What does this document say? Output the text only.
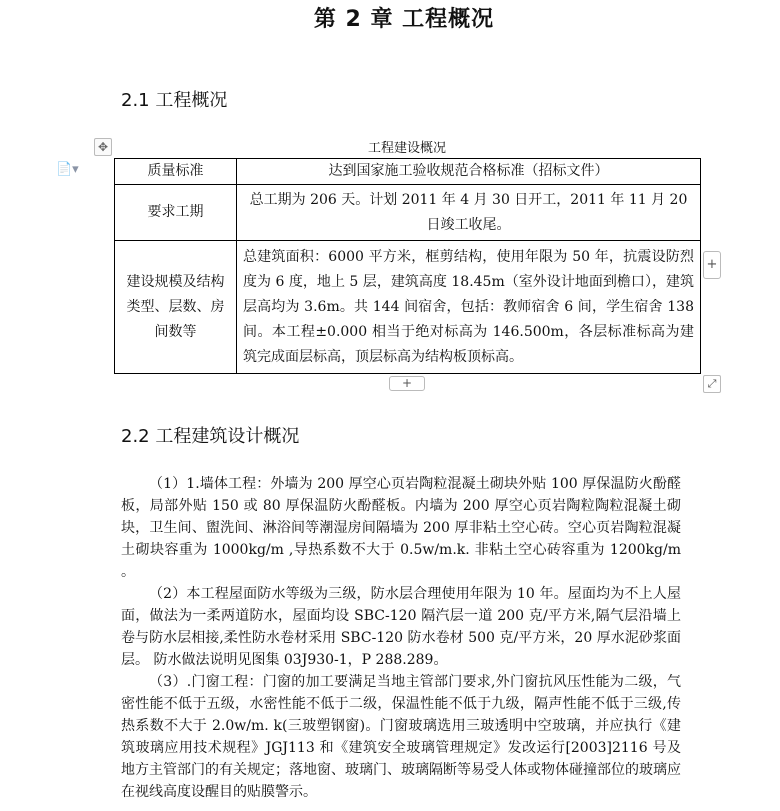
第 2 章 工程概况
2.1 工程概况
📄▾
✥	工程建设概况
质量标准	达到国家施工验收规范合格标准（招标文件）
要求工期	总工期为 206 天。计划 2011 年 4 月 30 日开工，2011 年 11 月 20 日竣工收尾。
建设规模及结构类型、层数、房间数等	总建筑面积：6000 平方米，框剪结构，使用年限为 50 年，抗震设防烈度为 6 度，地上 5 层，建筑高度 18.45m（室外设计地面到檐口），建筑层高均为 3.6m。共 144 间宿舍，包括：教师宿舍 6 间，学生宿舍 138 间。本工程±0.000 相当于绝对标高为 146.500m，各层标准标高为建筑完成面层标高，顶层标高为结构板顶标高。
+
+	⤢
2.2 工程建筑设计概况

（1）1.墙体工程：外墙为 200 厚空心页岩陶粒混凝土砌块外贴 100 厚保温防火酚醛板，局部外贴 150 或 80 厚保温防火酚醛板。内墙为 200 厚空心页岩陶粒陶粒混凝土砌块，卫生间、盥洗间、淋浴间等潮湿房间隔墙为 200 厚非粘土空心砖。空心页岩陶粒混凝土砌块容重为 1000kg/m ,导热系数不大于 0.5w/m.k. 非粘土空心砖容重为 1200kg/m 。

（2）本工程屋面防水等级为三级，防水层合理使用年限为 10 年。屋面均为不上人屋面，做法为一柔两道防水，屋面均设 SBC-120 隔汽层一道 200 克/平方米,隔气层沿墙上卷与防水层相接,柔性防水卷材采用 SBC-120 防水卷材 500 克/平方米，20 厚水泥砂浆面层。 防水做法说明见图集 03J930-1，P 288.289。

（3）.门窗工程：门窗的加工要满足当地主管部门要求,外门窗抗风压性能为二级，气密性能不低于五级，水密性能不低于二级，保温性能不低于九级，隔声性能不低于三级,传热系数不大于 2.0w/m. k(三玻塑钢窗)。门窗玻璃选用三玻透明中空玻璃，并应执行《建筑玻璃应用技术规程》JGJ113 和《建筑安全玻璃管理规定》发改运行[2003]2116 号及地方主管部门的有关规定；落地窗、玻璃门、玻璃隔断等易受人体或物体碰撞部位的玻璃应在视线高度设醒目的贴膜警示。
